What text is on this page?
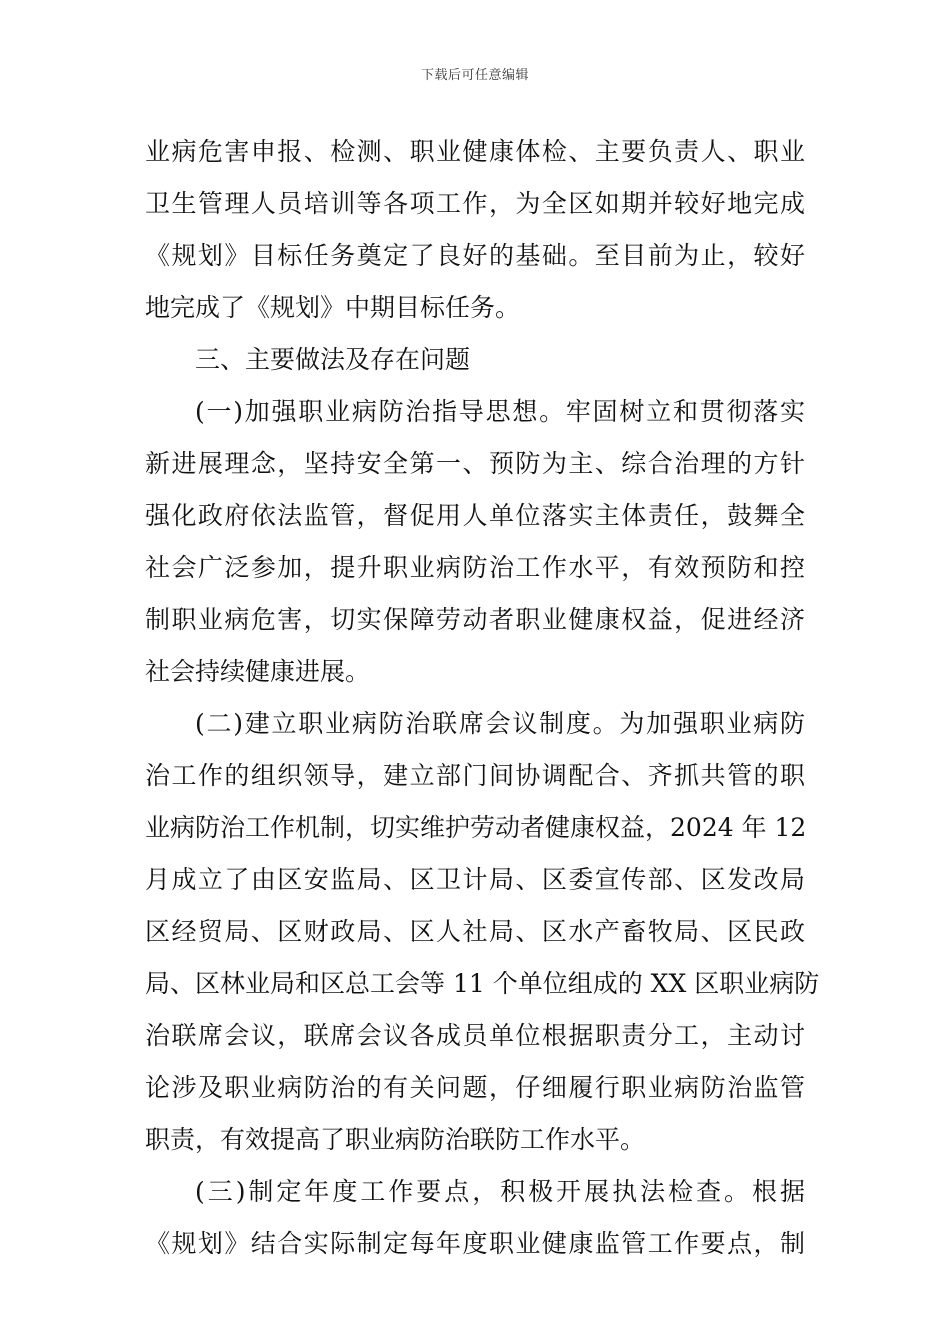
下载后可任意编辑
业病危害申报、检测、职业健康体检、主要负责人、职业
卫生管理人员培训等各项工作，为全区如期并较好地完成
《规划》目标任务奠定了良好的基础。至目前为止，较好
地完成了《规划》中期目标任务。
三、主要做法及存在问题
(一)加强职业病防治指导思想。牢固树立和贯彻落实
新进展理念，坚持安全第一、预防为主、综合治理的方针
强化政府依法监管，督促用人单位落实主体责任，鼓舞全
社会广泛参加，提升职业病防治工作水平，有效预防和控
制职业病危害，切实保障劳动者职业健康权益，促进经济
社会持续健康进展。
(二)建立职业病防治联席会议制度。为加强职业病防
治工作的组织领导，建立部门间协调配合、齐抓共管的职
业病防治工作机制，切实维护劳动者健康权益，2024 年 12
月成立了由区安监局、区卫计局、区委宣传部、区发改局
区经贸局、区财政局、区人社局、区水产畜牧局、区民政
局、区林业局和区总工会等 11 个单位组成的 XX 区职业病防
治联席会议，联席会议各成员单位根据职责分工，主动讨
论涉及职业病防治的有关问题，仔细履行职业病防治监管
职责，有效提高了职业病防治联防工作水平。
(三)制定年度工作要点，积极开展执法检查。根据
《规划》结合实际制定每年度职业健康监管工作要点，制
